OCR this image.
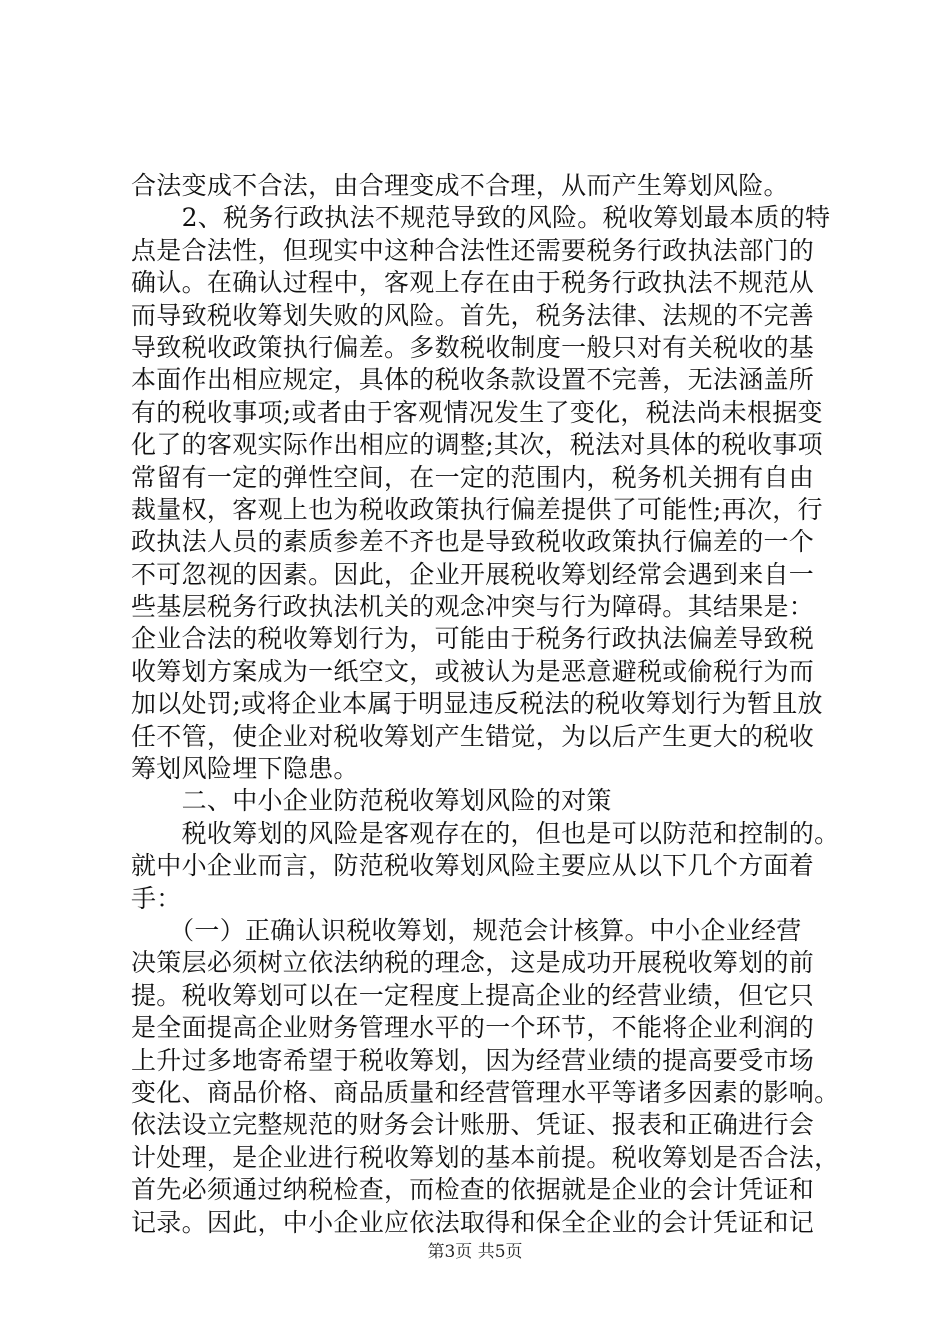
合法变成不合法，由合理变成不合理，从而产生筹划风险。
　　2、税务行政执法不规范导致的风险。税收筹划最本质的特
点是合法性，但现实中这种合法性还需要税务行政执法部门的
确认。在确认过程中，客观上存在由于税务行政执法不规范从
而导致税收筹划失败的风险。首先，税务法律、法规的不完善
导致税收政策执行偏差。多数税收制度一般只对有关税收的基
本面作出相应规定，具体的税收条款设置不完善，无法涵盖所
有的税收事项;或者由于客观情况发生了变化，税法尚未根据变
化了的客观实际作出相应的调整;其次，税法对具体的税收事项
常留有一定的弹性空间，在一定的范围内，税务机关拥有自由
裁量权，客观上也为税收政策执行偏差提供了可能性;再次，行
政执法人员的素质参差不齐也是导致税收政策执行偏差的一个
不可忽视的因素。因此，企业开展税收筹划经常会遇到来自一
些基层税务行政执法机关的观念冲突与行为障碍。其结果是：
企业合法的税收筹划行为，可能由于税务行政执法偏差导致税
收筹划方案成为一纸空文，或被认为是恶意避税或偷税行为而
加以处罚;或将企业本属于明显违反税法的税收筹划行为暂且放
任不管，使企业对税收筹划产生错觉，为以后产生更大的税收
筹划风险埋下隐患。
　　二、中小企业防范税收筹划风险的对策
　　税收筹划的风险是客观存在的，但也是可以防范和控制的。
就中小企业而言，防范税收筹划风险主要应从以下几个方面着
手：
　　（一）正确认识税收筹划，规范会计核算。中小企业经营
决策层必须树立依法纳税的理念，这是成功开展税收筹划的前
提。税收筹划可以在一定程度上提高企业的经营业绩，但它只
是全面提高企业财务管理水平的一个环节，不能将企业利润的
上升过多地寄希望于税收筹划，因为经营业绩的提高要受市场
变化、商品价格、商品质量和经营管理水平等诸多因素的影响。
依法设立完整规范的财务会计账册、凭证、报表和正确进行会
计处理，是企业进行税收筹划的基本前提。税收筹划是否合法，
首先必须通过纳税检查，而检查的依据就是企业的会计凭证和
记录。因此，中小企业应依法取得和保全企业的会计凭证和记
第3页 共5页
